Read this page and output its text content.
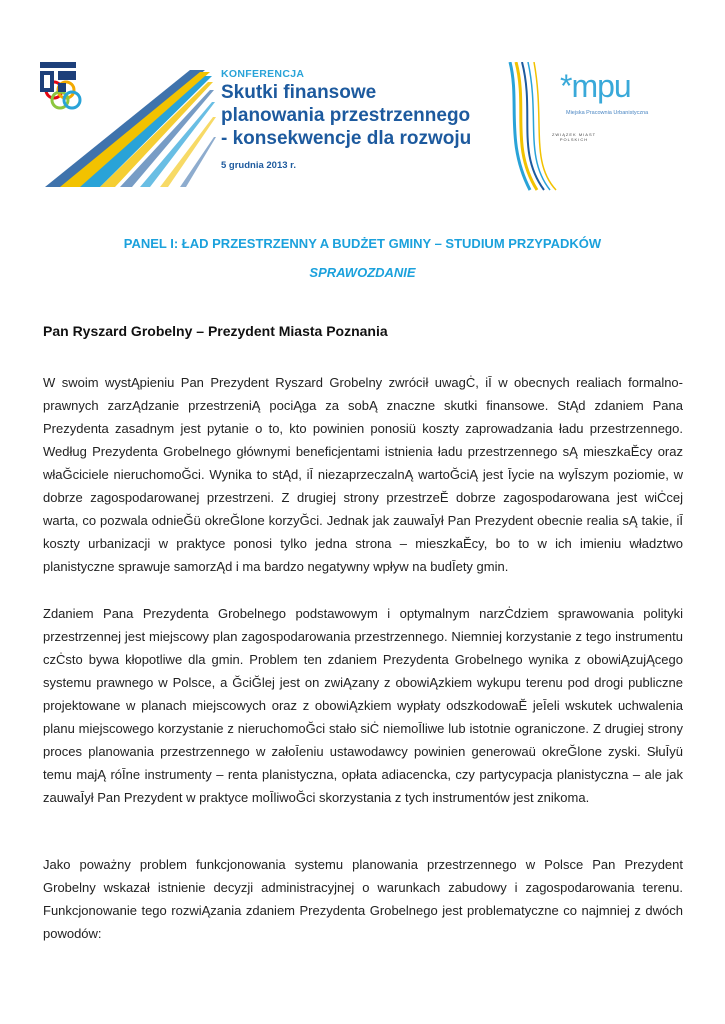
KONFERENCJA
Skutki finansowe
planowania przestrzennego
- konsekwencje dla rozwoju
5 grudnia 2013 r.
*mpu
Miejska Pracownia Urbanistyczna
ZWIĄZEK MIAST POLSKICH
PANEL I: ŁAD PRZESTRZENNY A BUDŻET GMINY – STUDIUM PRZYPADKÓW
SPRAWOZDANIE
Pan Ryszard Grobelny – Prezydent Miasta Poznania

W swoim wystĄpieniu Pan Prezydent Ryszard Grobelny zwrócił uwagĊ, iĪ w obecnych realiach formalno-prawnych zarzĄdzanie przestrzeniĄ pociĄga za sobĄ znaczne skutki finansowe. StĄd zdaniem Pana Prezydenta zasadnym jest pytanie o to, kto powinien ponosiü koszty zaprowadzania ładu przestrzennego. Według Prezydenta Grobelnego głównymi beneficjentami istnienia ładu przestrzennego sĄ mieszkaĔcy oraz właĞciciele nieruchomoĞci. Wynika to stĄd, iĪ niezaprzeczalnĄ wartoĞciĄ jest Īycie na wyĪszym poziomie, w dobrze zagospodarowanej przestrzeni. Z drugiej strony przestrzeĔ dobrze zagospodarowana jest wiĊcej warta, co pozwala odnieĞü okreĞlone korzyĞci. Jednak jak zauwaĪył Pan Prezydent obecnie realia sĄ takie, iĪ koszty urbanizacji w praktyce ponosi tylko jedna strona – mieszkaĔcy, bo to w ich imieniu władztwo planistyczne sprawuje samorzĄd i ma bardzo negatywny wpływ na budĪety gmin.

Zdaniem Pana Prezydenta Grobelnego podstawowym i optymalnym narzĊdziem sprawowania polityki przestrzennej jest miejscowy plan zagospodarowania przestrzennego. Niemniej korzystanie z tego instrumentu czĊsto bywa kłopotliwe dla gmin. Problem ten zdaniem Prezydenta Grobelnego wynika z obowiĄzujĄcego systemu prawnego w Polsce, a ĞciĞlej jest on zwiĄzany z obowiĄzkiem wykupu terenu pod drogi publiczne projektowane w planach miejscowych oraz z obowiĄzkiem wypłaty odszkodowaĔ jeĪeli wskutek uchwalenia planu miejscowego korzystanie z nieruchomoĞci stało siĊ niemoĪliwe lub istotnie ograniczone. Z drugiej strony proces planowania przestrzennego w załoĪeniu ustawodawcy powinien generowaü okreĞlone zyski. SłuĪyü temu majĄ róĪne instrumenty – renta planistyczna, opłata adiacencka, czy partycypacja planistyczna – ale jak zauwaĪył Pan Prezydent w praktyce moĪliwoĞci skorzystania z tych instrumentów jest znikoma.

Jako poważny problem funkcjonowania systemu planowania przestrzennego w Polsce Pan Prezydent Grobelny wskazał istnienie decyzji administracyjnej o warunkach zabudowy i zagospodarowania terenu. Funkcjonowanie tego rozwiĄzania zdaniem Prezydenta Grobelnego jest problematyczne co najmniej z dwóch powodów:
